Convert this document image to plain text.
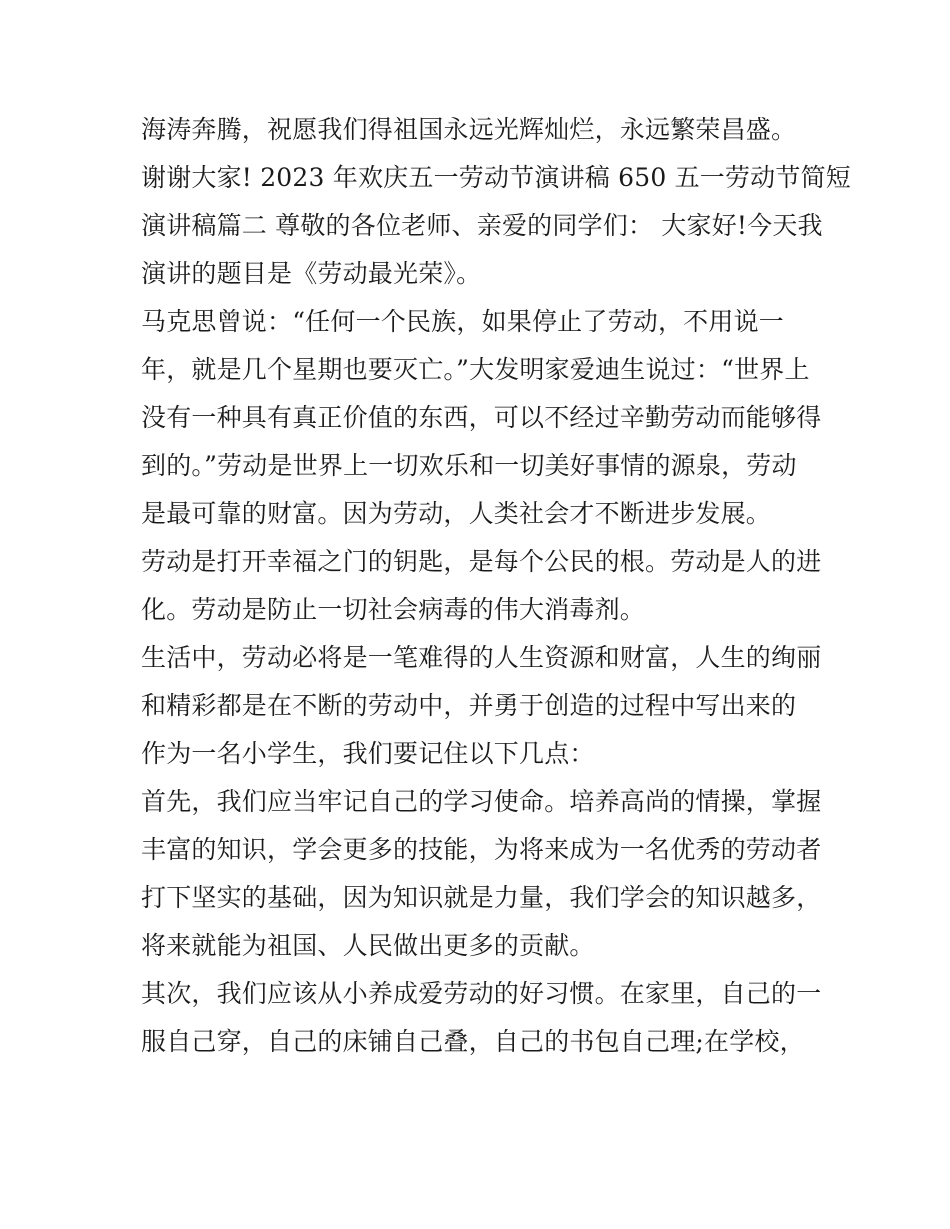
海涛奔腾，祝愿我们得祖国永远光辉灿烂，永远繁荣昌盛。
谢谢大家! 2023 年欢庆五一劳动节演讲稿 650 五一劳动节简短
演讲稿篇二 尊敬的各位老师、亲爱的同学们： 大家好!今天我
演讲的题目是《劳动最光荣》。
马克思曾说：“任何一个民族，如果停止了劳动，不用说一
年，就是几个星期也要灭亡。”大发明家爱迪生说过：“世界上
没有一种具有真正价值的东西，可以不经过辛勤劳动而能够得
到的。”劳动是世界上一切欢乐和一切美好事情的源泉，劳动
是最可靠的财富。因为劳动，人类社会才不断进步发展。
劳动是打开幸福之门的钥匙，是每个公民的根。劳动是人的进
化。劳动是防止一切社会病毒的伟大消毒剂。
生活中，劳动必将是一笔难得的人生资源和财富，人生的绚丽
和精彩都是在不断的劳动中，并勇于创造的过程中写出来的
作为一名小学生，我们要记住以下几点：
首先，我们应当牢记自己的学习使命。培养高尚的情操，掌握
丰富的知识，学会更多的技能，为将来成为一名优秀的劳动者
打下坚实的基础，因为知识就是力量，我们学会的知识越多，
将来就能为祖国、人民做出更多的贡献。
其次，我们应该从小养成爱劳动的好习惯。在家里，自己的一
服自己穿，自己的床铺自己叠，自己的书包自己理;在学校，
